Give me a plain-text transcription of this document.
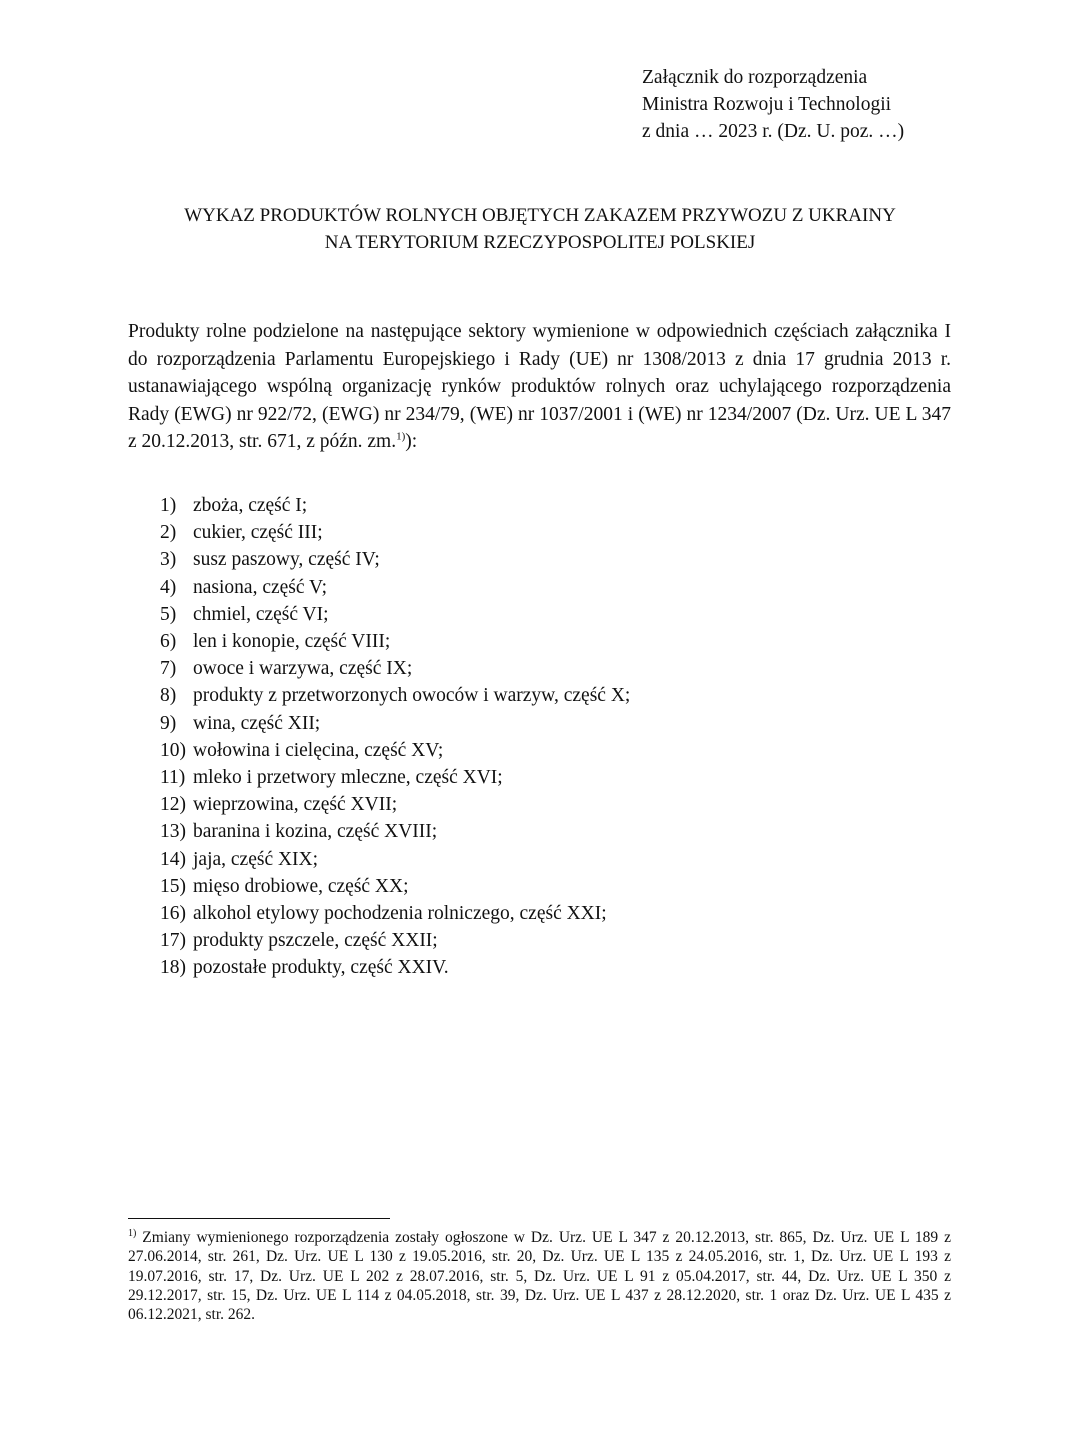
Załącznik do rozporządzenia
Ministra Rozwoju i Technologii
z dnia … 2023 r. (Dz. U. poz. …)
WYKAZ PRODUKTÓW ROLNYCH OBJĘTYCH ZAKAZEM PRZYWOZU Z UKRAINY
NA TERYTORIUM RZECZYPOSPOLITEJ POLSKIEJ

Produkty rolne podzielone na następujące sektory wymienione w odpowiednich częściach załącznika I do rozporządzenia Parlamentu Europejskiego i Rady (UE) nr 1308/2013 z dnia 17 grudnia 2013 r. ustanawiającego wspólną organizację rynków produktów rolnych oraz uchylającego rozporządzenia Rady (EWG) nr 922/72, (EWG) nr 234/79, (WE) nr 1037/2001 i (WE) nr 1234/2007 (Dz. Urz. UE L 347 z 20.12.2013, str. 671, z późn. zm.$^{1)}$):

1) zboża, część I;
2) cukier, część III;
3) susz paszowy, część IV;
4) nasiona, część V;
5) chmiel, część VI;
6) len i konopie, część VIII;
7) owoce i warzywa, część IX;
8) produkty z przetworzonych owoców i warzyw, część X;
9) wina, część XII;
10) wołowina i cielęcina, część XV;
11) mleko i przetwory mleczne, część XVI;
12) wieprzowina, część XVII;
13) baranina i kozina, część XVIII;
14) jaja, część XIX;
15) mięso drobiowe, część XX;
16) alkohol etylowy pochodzenia rolniczego, część XXI;
17) produkty pszczele, część XXII;
18) pozostałe produkty, część XXIV.

$^{1)}$ Zmiany wymienionego rozporządzenia zostały ogłoszone w Dz. Urz. UE L 347 z 20.12.2013, str. 865, Dz. Urz. UE L 189 z 27.06.2014, str. 261, Dz. Urz. UE L 130 z 19.05.2016, str. 20, Dz. Urz. UE L 135 z 24.05.2016, str. 1, Dz. Urz. UE L 193 z 19.07.2016, str. 17, Dz. Urz. UE L 202 z 28.07.2016, str. 5, Dz. Urz. UE L 91 z 05.04.2017, str. 44, Dz. Urz. UE L 350 z 29.12.2017, str. 15, Dz. Urz. UE L 114 z 04.05.2018, str. 39, Dz. Urz. UE L 437 z 28.12.2020, str. 1 oraz Dz. Urz. UE L 435 z 06.12.2021, str. 262.
